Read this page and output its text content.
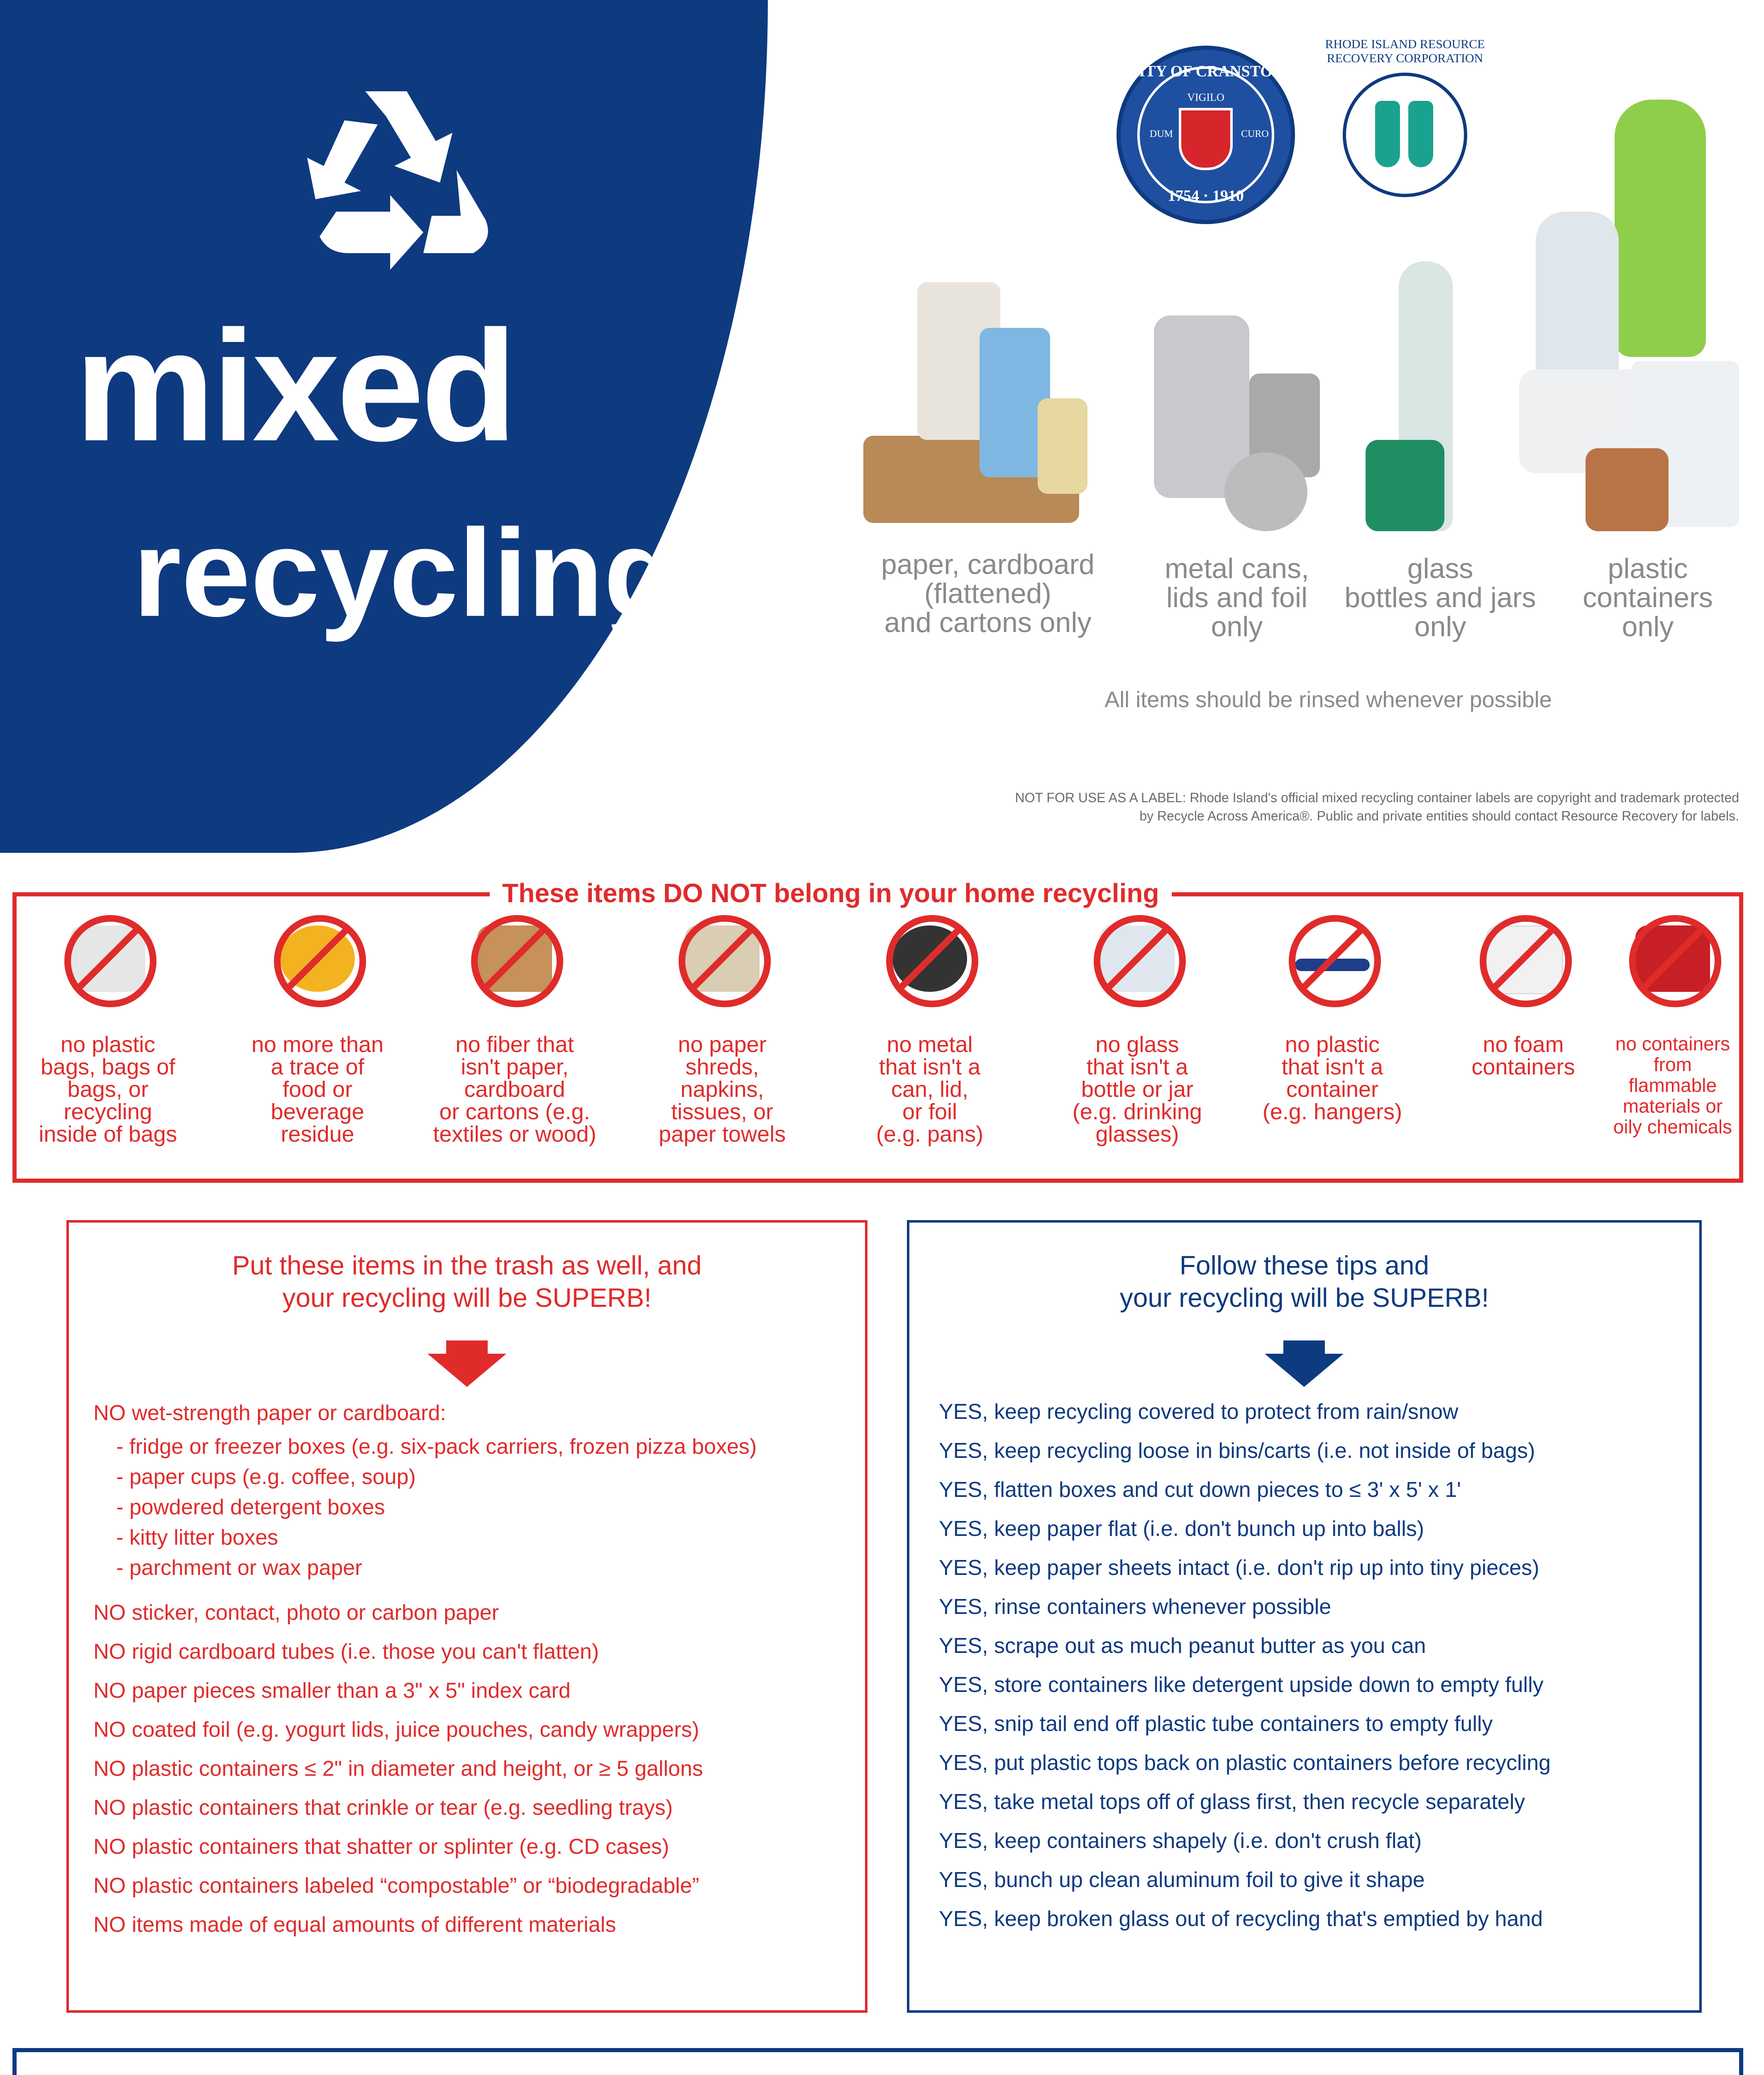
mixed
recycling
CITY OF CRANSTON
VIGILO
DUM	CURO
1754 · 1910
RHODE ISLAND RESOURCE RECOVERY CORPORATION
paper, cardboard
(flattened)
and cartons only
metal cans,
lids and foil
only
glass
bottles and jars
only
plastic
containers
only
All items should be rinsed whenever possible
NOT FOR USE AS A LABEL: Rhode Island's official mixed recycling container labels are copyright and trademark protected
by Recycle Across America®. Public and private entities should contact Resource Recovery for labels.
These items DO NOT belong in your home recycling
no plastic
bags, bags of
bags, or
recycling
inside of bags
no more than
a trace of
food or
beverage
residue
no fiber that
isn't paper,
cardboard
or cartons (e.g.
textiles or wood)
no paper
shreds,
napkins,
tissues, or
paper towels
no metal
that isn't a
can, lid,
or foil
(e.g. pans)
no glass
that isn't a
bottle or jar
(e.g. drinking
glasses)
no plastic
that isn't a
container
(e.g. hangers)
no foam
containers
no containers
from
flammable
materials or
oily chemicals
Put these items in the trash as well, and
your recycling will be SUPERB!
NO wet-strength paper or cardboard:
- fridge or freezer boxes (e.g. six-pack carriers, frozen pizza boxes)
- paper cups (e.g. coffee, soup)
- powdered detergent boxes
- kitty litter boxes
- parchment or wax paper
NO sticker, contact, photo or carbon paper
NO rigid cardboard tubes (i.e. those you can't flatten)
NO paper pieces smaller than a 3" x 5" index card
NO coated foil (e.g. yogurt lids, juice pouches, candy wrappers)
NO plastic containers ≤ 2" in diameter and height, or ≥ 5 gallons
NO plastic containers that crinkle or tear (e.g. seedling trays)
NO plastic containers that shatter or splinter (e.g. CD cases)
NO plastic containers labeled “compostable” or “biodegradable”
NO items made of equal amounts of different materials
Follow these tips and
your recycling will be SUPERB!
YES, keep recycling covered to protect from rain/snow
YES, keep recycling loose in bins/carts (i.e. not inside of bags)
YES, flatten boxes and cut down pieces to ≤ 3' x 5' x 1'
YES, keep paper flat (i.e. don't bunch up into balls)
YES, keep paper sheets intact (i.e. don't rip up into tiny pieces)
YES, rinse containers whenever possible
YES, scrape out as much peanut butter as you can
YES, store containers like detergent upside down to empty fully
YES, snip tail end off plastic tube containers to empty fully
YES, put plastic tops back on plastic containers before recycling
YES, take metal tops off of glass first, then recycle separately
YES, keep containers shapely (i.e. don't crush flat)
YES, bunch up clean aluminum foil to give it shape
YES, keep broken glass out of recycling that's emptied by hand
